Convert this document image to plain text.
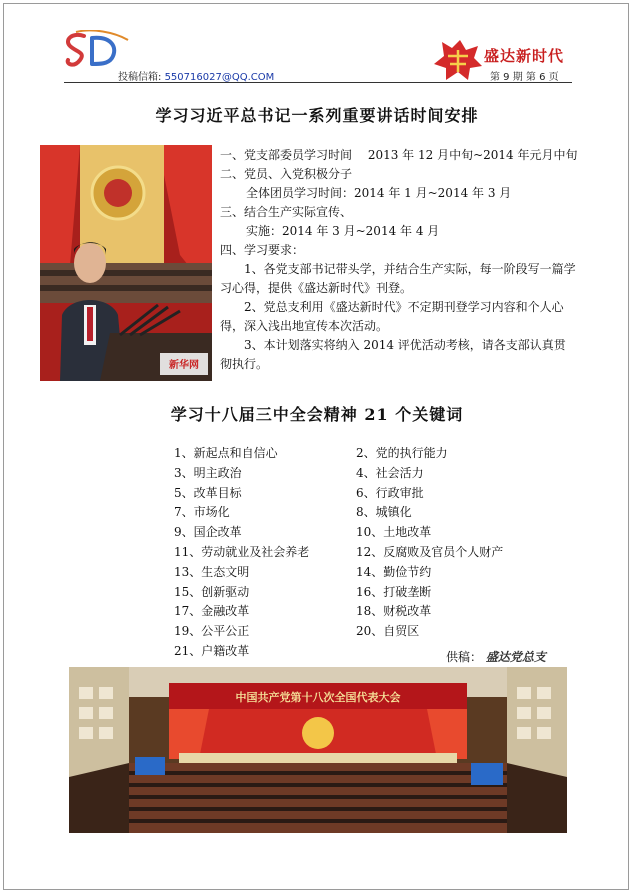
投稿信箱: 550716027@QQ.COM
盛达新时代
第 9 期 第 6 页
学习习近平总书记一系列重要讲话时间安排
新华网
一、党支部委员学习时间　 2013 年 12 月中旬~2014 年元月中旬
二、党员、入党积极分子
全体团员学习时间：2014 年 1 月~2014 年 3 月
三、结合生产实际宣传、
实施：2014 年 3 月~2014 年 4 月
四、学习要求：
1、各党支部书记带头学，并结合生产实际，每一阶段写一篇学习心得，提供《盛达新时代》刊登。
2、党总支利用《盛达新时代》不定期刊登学习内容和个人心得，深入浅出地宣传本次活动。
3、本计划落实将纳入 2014 评优活动考核，请各支部认真贯彻执行。
学习十八届三中全会精神 21 个关键词
1、新起点和自信心	2、党的执行能力
3、明主政治	4、社会活力
5、改革目标	6、行政审批
7、市场化	8、城镇化
9、国企改革	10、土地改革
11、劳动就业及社会养老	12、反腐败及官员个人财产
13、生态文明	14、勤俭节约
15、创新驱动	16、打破垄断
17、金融改革	18、财税改革
19、公平公正	20、自贸区
21、户籍改革	供稿： 盛达党总支
中国共产党第十八次全国代表大会
